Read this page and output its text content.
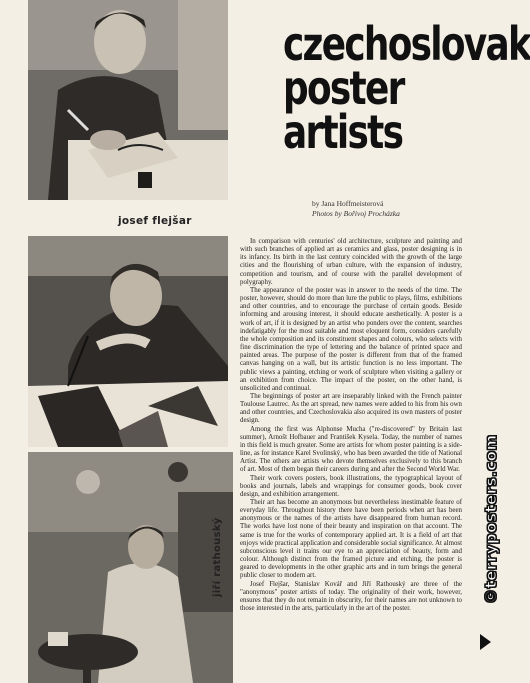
josef flejšar
jiří rathouský
czechoslovak
poster
artists
by Jana Hoffmeisterová
Photos by Bořivoj Procházka

In comparison with centuries' old architecture, sculpture and painting and with such branches of applied art as ceramics and glass, poster designing is in its infancy. Its birth in the last century coincided with the growth of the large cities and the flourishing of urban culture, with the expansion of industry, competition and tourism, and of course with the parallel development of polygraphy.

The appearance of the poster was in answer to the needs of the time. The poster, however, should do more than lure the public to plays, films, exhibitions and other countries, and to encourage the purchase of certain goods. Beside informing and arousing interest, it should educate aesthetically. A poster is a work of art, if it is designed by an artist who ponders over the content, searches indefatigably for the most suitable and most eloquent form, considers carefully the whole composition and its constituent shapes and colours, who selects with fine discrimination the type of lettering and the balance of printed space and painted areas. The purpose of the poster is different from that of the framed canvas hanging on a wall, but its artistic function is no less important. The public views a painting, etching or work of sculpture when visiting a gallery or an exhibition from choice. The impact of the poster, on the other hand, is unsolicited and continual.

The beginnings of poster art are inseparably linked with the French painter Toulouse Lautrec. As the art spread, new names were added to his from his own and other countries, and Czechoslovakia also acquired its own masters of poster design.

Among the first was Alphonse Mucha ("re-discovered" by Britain last summer), Arnošt Hofbauer and František Kysela. Today, the number of names in this field is much greater. Some are artists for whom poster painting is a side-line, as for instance Karel Svolinský, who has been awarded the title of National Artist. The others are artists who devote themselves exclusively to this branch of art. Most of them began their careers during and after the Second World War.

Their work covers posters, book illustrations, the typographical layout of books and journals, labels and wrappings for consumer goods, book cover design, and exhibition arrangement.

Their art has become an anonymous but nevertheless inestimable feature of everyday life. Throughout history there have been periods when art has been anonymous or the names of the artists have disappeared from human record. The works have lost none of their beauty and inspiration on that account. The same is true for the works of contemporary applied art. It is a field of art that enjoys wide practical application and considerable social significance. At almost subconscious level it trains our eye to an appreciation of beauty, form and colour. Although distinct from the framed picture and etching, the poster is geared to developments in the other graphic arts and in turn brings the general public closer to modern art.

Josef Flejšar, Stanislav Kovář and Jiří Rathouský are three of the "anonymous" poster artists of today. The originality of their work, however, ensures that they do not remain in obscurity, for their names are not unknown to those interested in the arts, particularly in the art of the poster.

©terryposters.com
